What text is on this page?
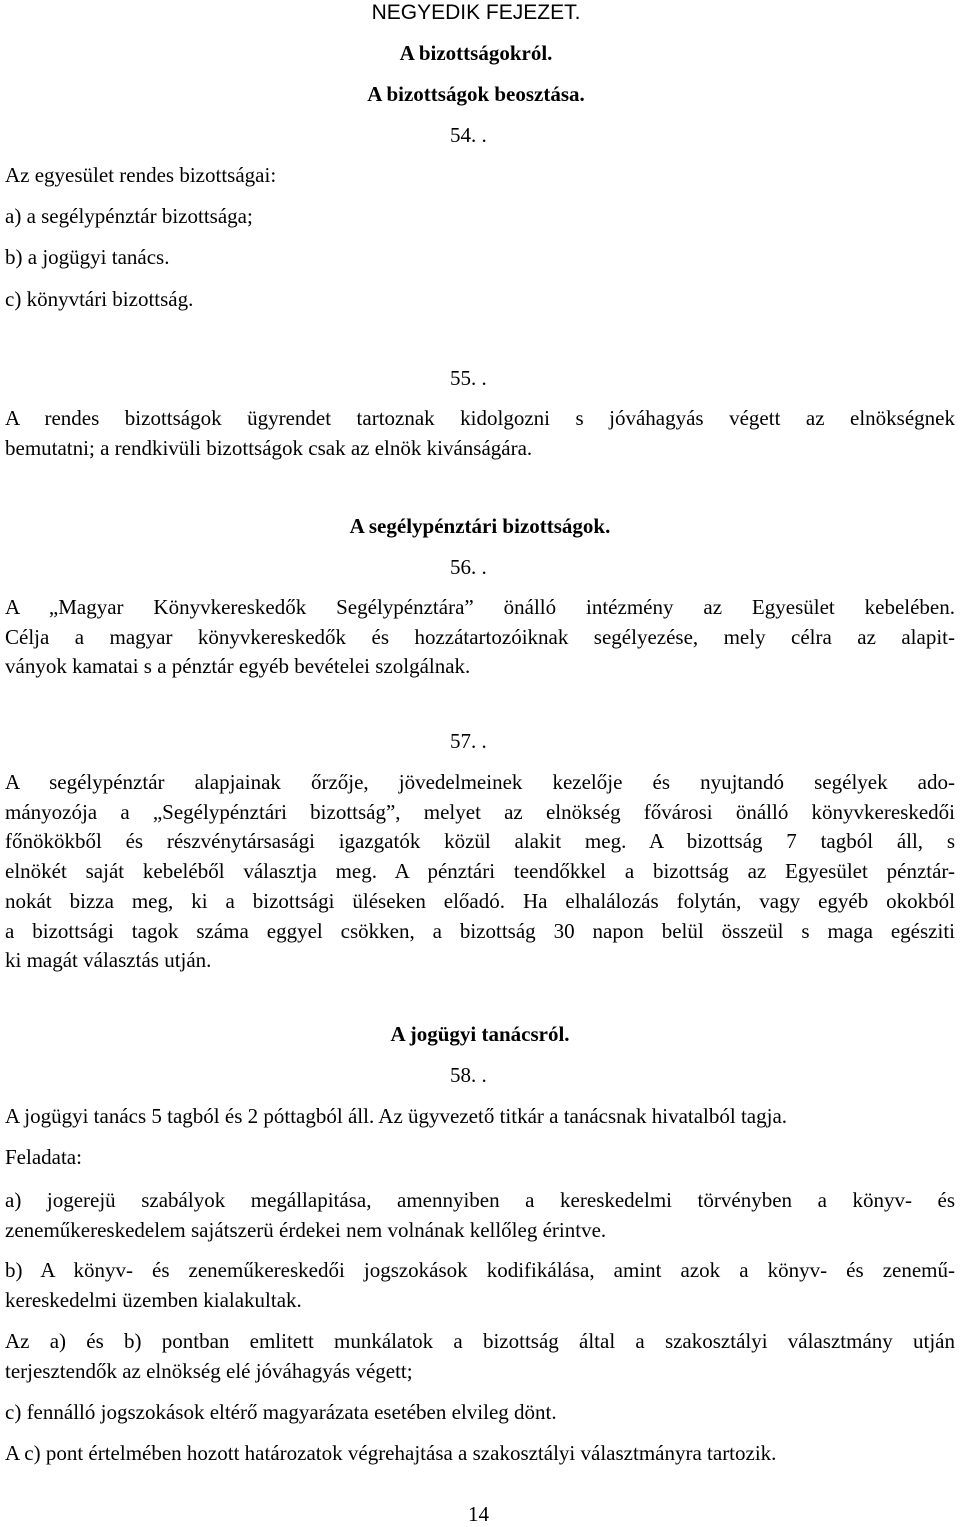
NEGYEDIK FEJEZET.
A bizottságokról.
A bizottságok beosztása.
54. .
Az egyesület rendes bizottságai:
a) a segélypénztár bizottsága;
b) a jogügyi tanács.
c) könyvtári bizottság.
55. .
A rendes bizottságok ügyrendet tartoznak kidolgozni s jóváhagyás végett az elnökségnek
bemutatni; a rendkivüli bizottságok csak az elnök kivánságára.
A segélypénztári bizottságok.
56. .
A „Magyar Könyvkereskedők Segélypénztára” önálló intézmény az Egyesület kebelében.
Célja a magyar könyvkereskedők és hozzátartozóiknak segélyezése, mely célra az alapit-
ványok kamatai s a pénztár egyéb bevételei szolgálnak.
57. .
A segélypénztár alapjainak őrzője, jövedelmeinek kezelője és nyujtandó segélyek ado-
mányozója a „Segélypénztári bizottság”, melyet az elnökség fővárosi önálló könyvkereskedői
főnökökből és részvénytársasági igazgatók közül alakit meg. A bizottság 7 tagból áll, s
elnökét saját kebeléből választja meg. A pénztári teendőkkel a bizottság az Egyesület pénztár-
nokát bizza meg, ki a bizottsági üléseken előadó. Ha elhalálozás folytán, vagy egyéb okokból
a bizottsági tagok száma eggyel csökken, a bizottság 30 napon belül összeül s maga egésziti
ki magát választás utján.
A jogügyi tanácsról.
58. .
A jogügyi tanács 5 tagból és 2 póttagból áll. Az ügyvezető titkár a tanácsnak hivatalból tagja.
Feladata:
a) jogerejü szabályok megállapitása, amennyiben a kereskedelmi törvényben a könyv- és
zeneműkereskedelem sajátszerü érdekei nem volnának kellőleg érintve.
b) A könyv- és zeneműkereskedői jogszokások kodifikálása, amint azok a könyv- és zenemű-
kereskedelmi üzemben kialakultak.
Az a) és b) pontban emlitett munkálatok a bizottság által a szakosztályi választmány utján
terjesztendők az elnökség elé jóváhagyás végett;
c) fennálló jogszokások eltérő magyarázata esetében elvileg dönt.
A c) pont értelmében hozott határozatok végrehajtása a szakosztályi választmányra tartozik.
14
